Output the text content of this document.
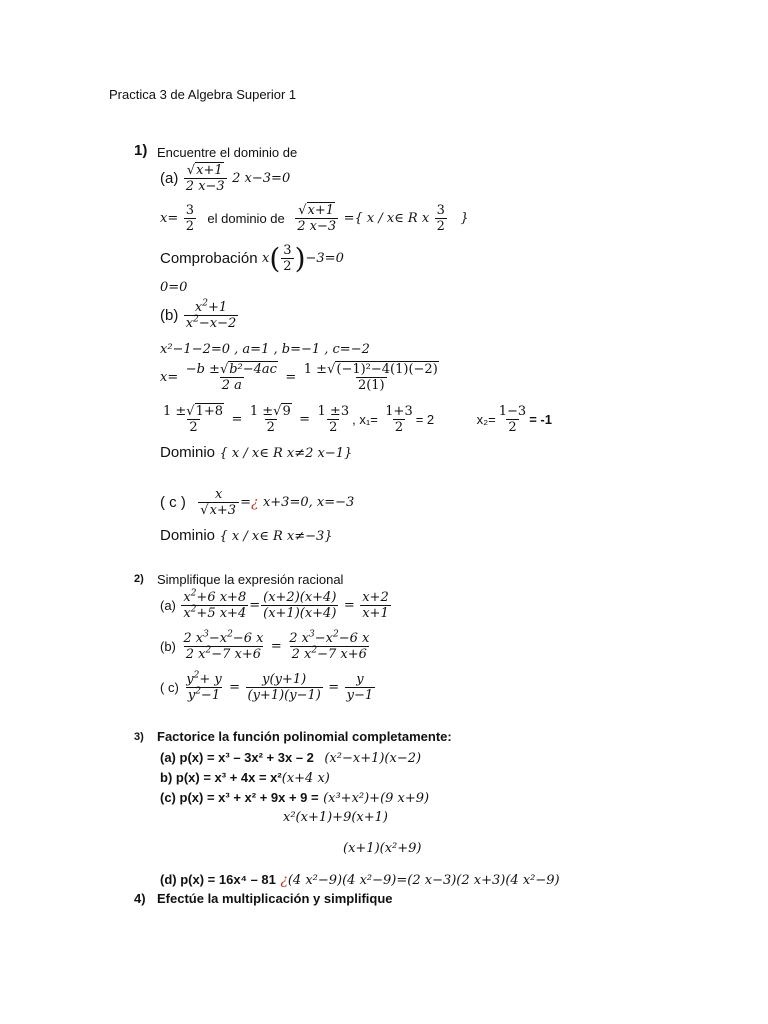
Practica 3 de Algebra Superior 1
1) Encuentre el dominio de
$(a) \frac{√x+1}{2 x-3} 2$ x−3=0
$x= \frac{3}{2}$ el dominio de $\frac{√x+1}{2 x-3}$ ={ x / x∈ R x $\frac{3}{2}$ }
Comprobación $x( \frac{3}{2} )-3=0$
0=0
$(b) \frac{x^2+1}{x^2-x-2}$
x²−1−2=0 , a=1 , b=−1 , c=−2
$x= \frac{\text{−b ±√b²−4ac}}{2 a} = \frac{\text{1 ±√(−1)²−4(1)(−2)}}{2(1)}$
$\frac{1 \pm√1+8}{2} = \frac{1 \pm√9}{2} = \frac{1 \pm 3}{2}$ , $x_1= \frac{1+3}{2} = 2$	$x_2= \frac{1-3}{2} = -1$
Dominio { x / x∈ R x≠2 x−1}
( c ) $\frac{x}{√x+3}$ =¿ x+3=0, x=−3
Dominio { x / x∈ R x≠−3}
2) Simplifique la expresión racional
$(a) \frac{x^2+6 x+8}{x^2+5 x+4} = \frac{(x+2)(x+4)}{(x+1)(x+4)} = \frac{x+2}{x+1}$
$(b) \frac{2 x^3-x^2-6 x}{2 x^2-7 x+6} = \frac{2 x^3-x^2-6 x}{2 x^2-7 x+6}$
( $c) \frac{y^2+ y}{y^2-1} = \frac{y(y+1)}{(y+1)(y-1)} = \frac{y}{y-1}$
3) Factorice la función polinomial completamente:
(a) p(x) = x³ – 3x² + 3x – 2 (x²−x+1)(x−2)
b) p(x) = x³ + 4x = x²(x+4 x)
(c) p(x) = x³ + x² + 9x + 9 = (x³+x²)+(9 x+9)
x²(x+1)+9(x+1)
(x+1)(x²+9)
(d) p(x) = 16x⁴ – 81 ¿(4 x²−9)(4 x²−9)=(2 x−3)(2 x+3)(4 x²−9)
4) Efectúe la multiplicación y simplifique
